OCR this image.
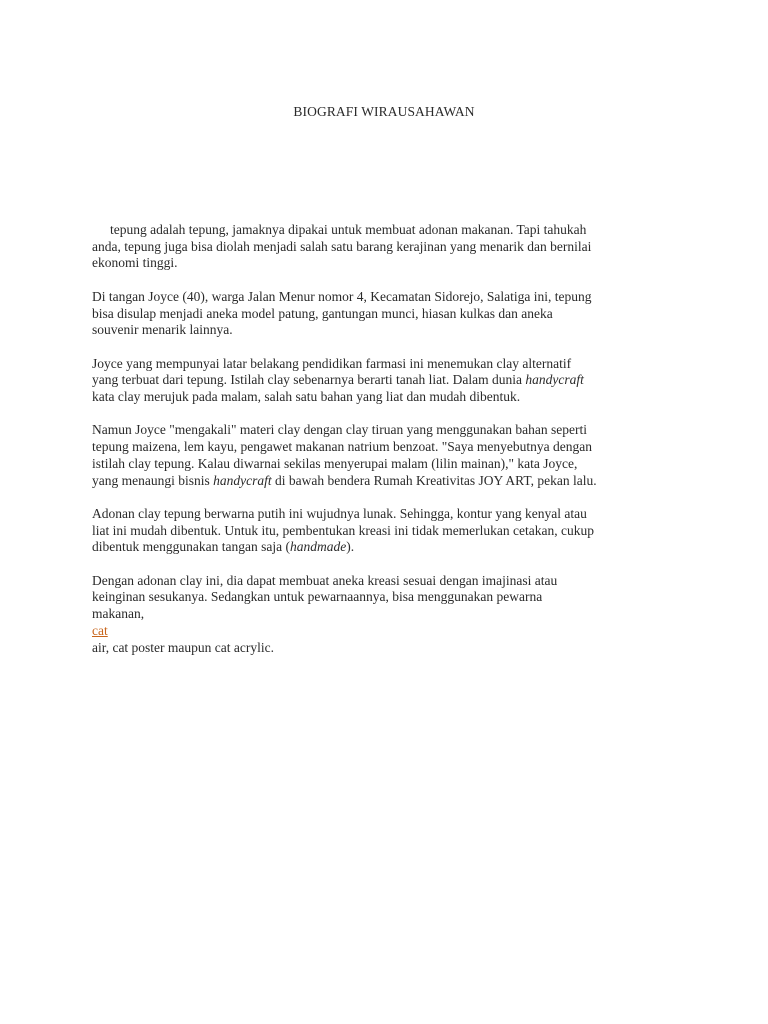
BIOGRAFI WIRAUSAHAWAN

tepung adalah tepung, jamaknya dipakai untuk membuat adonan makanan. Tapi tahukah

anda, tepung juga bisa diolah menjadi salah satu barang kerajinan yang menarik dan bernilai

ekonomi tinggi.

Di tangan Joyce (40), warga Jalan Menur nomor 4, Kecamatan Sidorejo, Salatiga ini, tepung

bisa disulap menjadi aneka model patung, gantungan munci, hiasan kulkas dan aneka

souvenir menarik lainnya.

Joyce yang mempunyai latar belakang pendidikan farmasi ini menemukan clay alternatif

yang terbuat dari tepung. Istilah clay sebenarnya berarti tanah liat. Dalam dunia handycraft

kata clay merujuk pada malam, salah satu bahan yang liat dan mudah dibentuk.

Namun Joyce "mengakali" materi clay dengan clay tiruan yang menggunakan bahan seperti

tepung maizena, lem kayu, pengawet makanan natrium benzoat. "Saya menyebutnya dengan

istilah clay tepung. Kalau diwarnai sekilas menyerupai malam (lilin mainan)," kata Joyce,

yang menaungi bisnis handycraft di bawah bendera Rumah Kreativitas JOY ART, pekan lalu.

Adonan clay tepung berwarna putih ini wujudnya lunak. Sehingga, kontur yang kenyal atau

liat ini mudah dibentuk. Untuk itu, pembentukan kreasi ini tidak memerlukan cetakan, cukup

dibentuk menggunakan tangan saja (handmade).

Dengan adonan clay ini, dia dapat membuat aneka kreasi sesuai dengan imajinasi atau

keinginan sesukanya. Sedangkan untuk pewarnaannya, bisa menggunakan pewarna

makanan,

cat

air, cat poster maupun cat acrylic.
